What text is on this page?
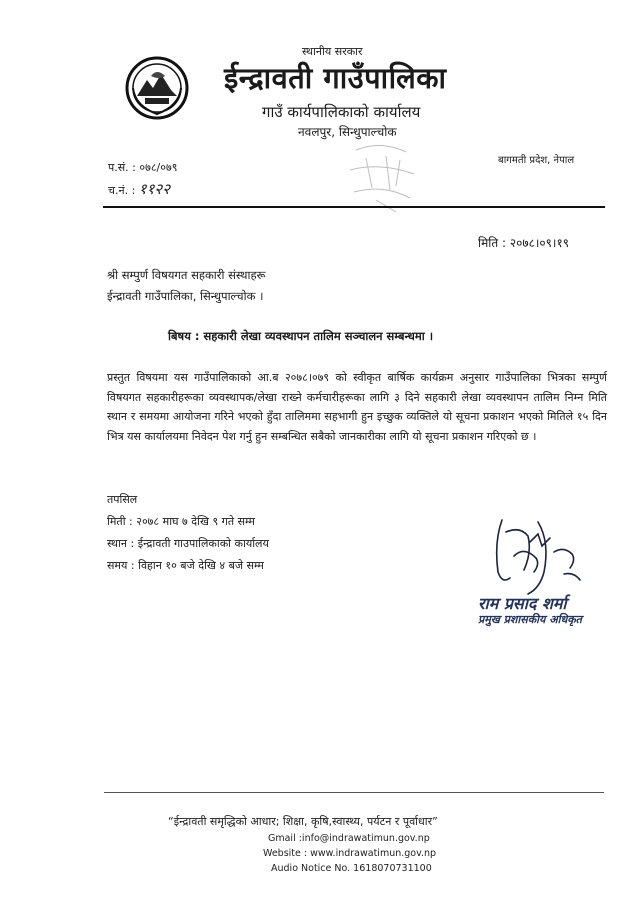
स्थानीय सरकार
ईन्द्रावती गाउँपालिका
गाउँ कार्यपालिकाको कार्यालय
नवलपुर, सिन्धुपाल्चोक
बागमती प्रदेश, नेपाल
प.सं. : ०७८/०७९
च.नं. : ११२२
मिति : २०७८।०९।१९
श्री सम्पुर्ण विषयगत सहकारी संस्थाहरू
ईन्द्रावती गाउँपालिका, सिन्धुपाल्चोक ।
बिषय : सहकारी लेखा व्यवस्थापन तालिम सञ्चालन सम्बन्धमा ।
प्रस्तुत विषयमा यस गाउँपालिकाको आ.ब २०७८।०७९ को स्वीकृत बार्षिक कार्यक्रम अनुसार गाउँपालिका भित्रका सम्पुर्ण विषयगत सहकारीहरूका व्यवस्थापक/लेखा राख्ने कर्मचारीहरूका लागि ३ दिने सहकारी लेखा व्यवस्थापन तालिम निम्न मिति स्थान र समयमा आयोजना गरिने भएको हुँदा तालिममा सहभागी हुन इच्छुक व्यक्तिले यो सूचना प्रकाशन भएको मितिले १५ दिन भित्र यस कार्यालयमा निवेदन पेश गर्नु हुन सम्बन्धित सबैको जानकारीका लागि यो सूचना प्रकाशन गरिएको छ ।
तपसिल
मिती : २०७८ माघ ७ देखि ९ गते सम्म
स्थान : ईन्द्रावती गाउपालिकाको कार्यालय
समय : विहान १० बजे देखि ४ बजे सम्म
राम प्रसाद शर्मा
प्रमुख प्रशासकीय अधिकृत
“ईन्द्रावती समृद्धिको आधार; शिक्षा, कृषि,स्वास्थ्य, पर्यटन र पूर्वाधार”
Gmail :info@indrawatimun.gov.np
Website : www.indrawatimun.gov.np
Audio Notice No. 1618070731100
